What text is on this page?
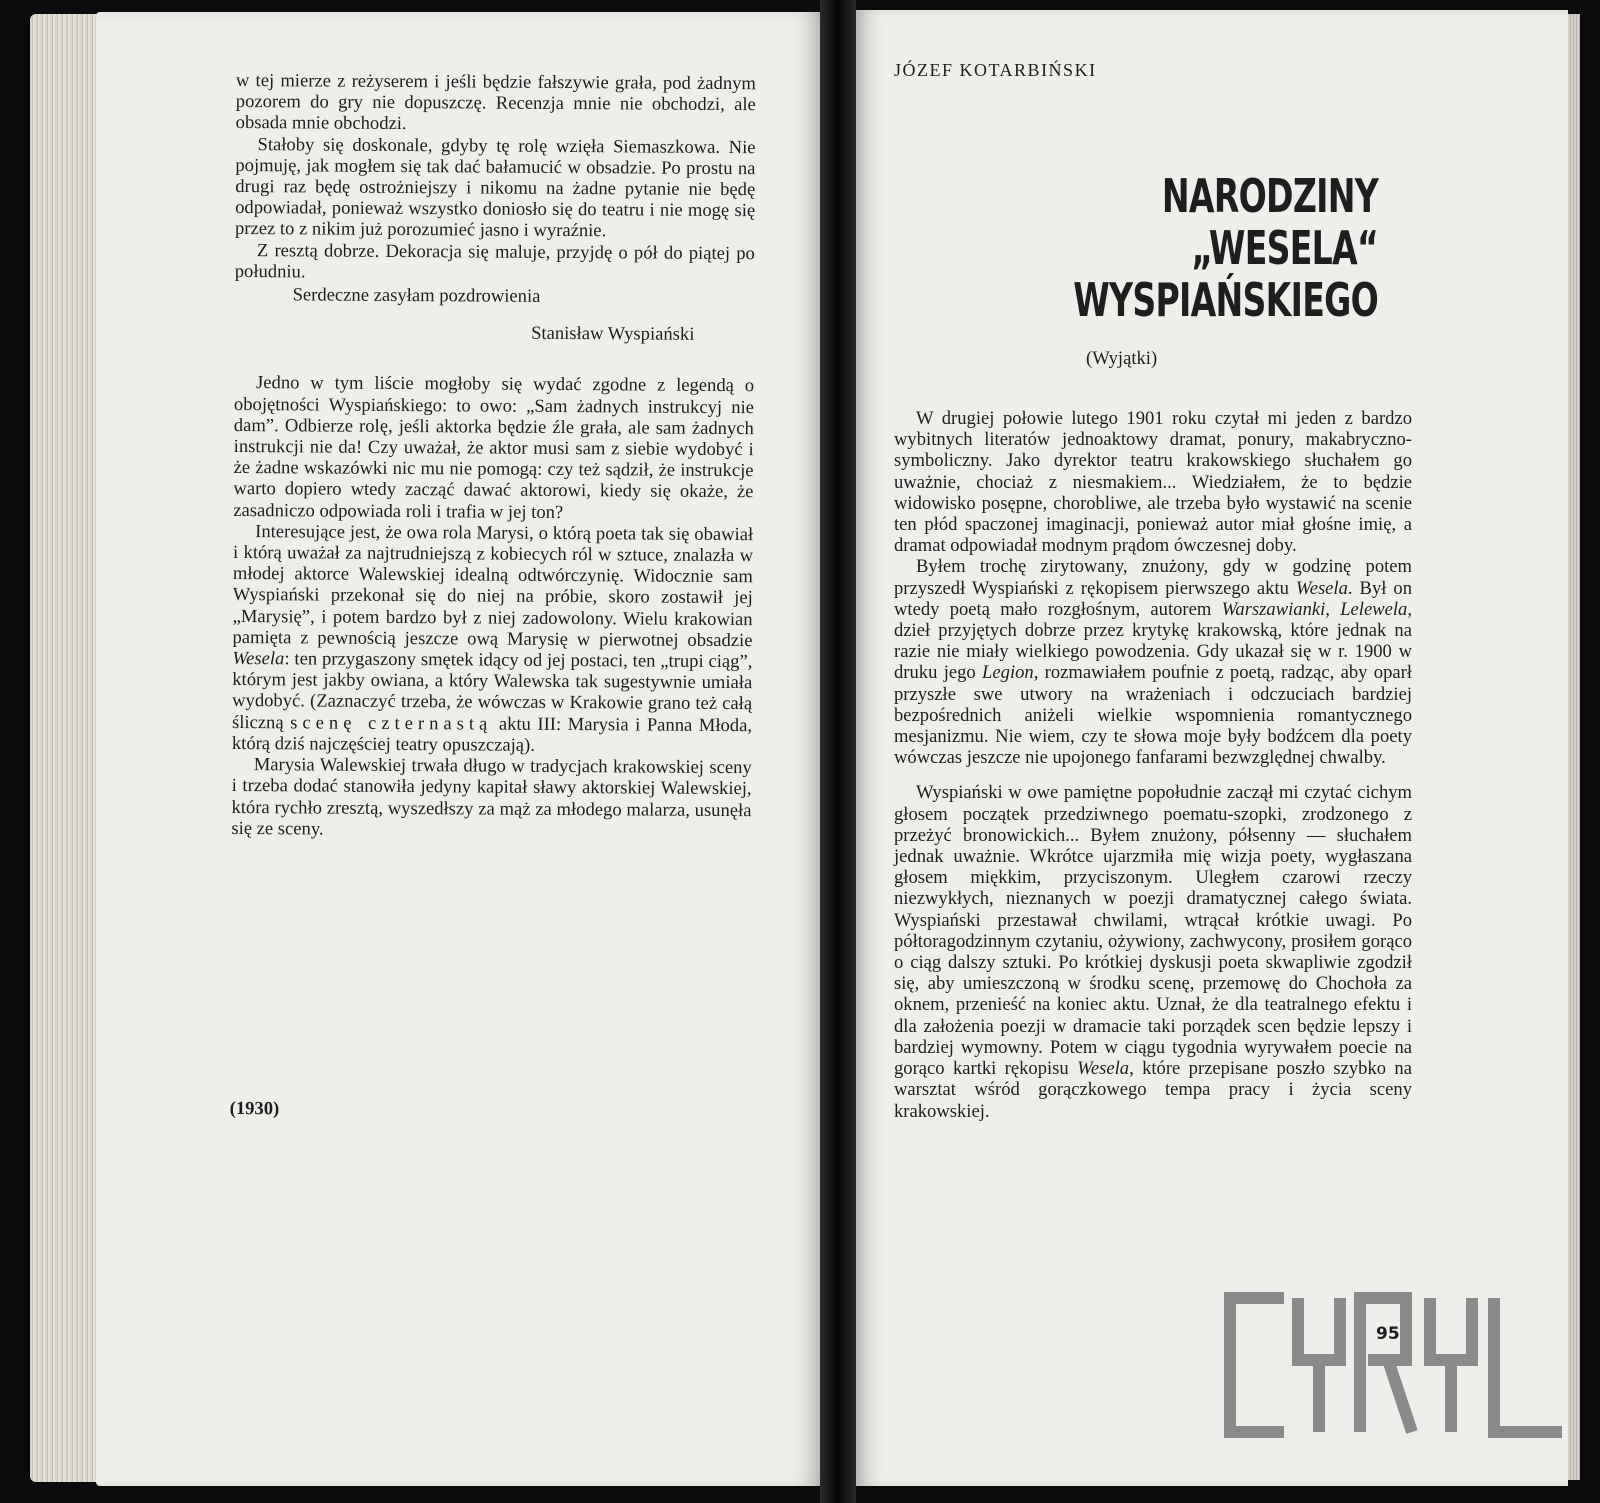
w tej mierze z reżyserem i jeśli będzie fałszywie grała, pod żadnym pozorem do gry nie dopuszczę. Recenzja mnie nie obchodzi, ale obsada mnie obchodzi.

Stałoby się doskonale, gdyby tę rolę wzięła Siemaszkowa. Nie pojmuję, jak mogłem się tak dać bałamucić w obsadzie. Po prostu na drugi raz będę ostrożniejszy i nikomu na żadne pytanie nie będę odpowiadał, ponieważ wszystko doniosło się do teatru i nie mogę się przez to z nikim już porozumieć jasno i wyraźnie.

Z resztą dobrze. Dekoracja się maluje, przyjdę o pół do piątej po południu.

Serdeczne zasyłam pozdrowienia

Stanisław Wyspiański

Jedno w tym liście mogłoby się wydać zgodne z legendą o obojętności Wyspiańskiego: to owo: „Sam żadnych instrukcyj nie dam”. Odbierze rolę, jeśli aktorka będzie źle grała, ale sam żadnych instrukcji nie da! Czy uważał, że aktor musi sam z siebie wydobyć i że żadne wskazówki nic mu nie pomogą: czy też sądził, że instrukcje warto dopiero wtedy zacząć dawać aktorowi, kiedy się okaże, że zasadniczo odpowiada roli i trafia w jej ton?

Interesujące jest, że owa rola Marysi, o którą poeta tak się obawiał i którą uważał za najtrudniejszą z kobiecych ról w sztuce, znalazła w młodej aktorce Walewskiej idealną odtwórczynię. Widocznie sam Wyspiański przekonał się do niej na próbie, skoro zostawił jej „Marysię”, i potem bardzo był z niej zadowolony. Wielu krakowian pamięta z pewnością jeszcze ową Marysię w pierwotnej obsadzie Wesela: ten przygaszony smętek idący od jej postaci, ten „trupi ciąg”, którym jest jakby owiana, a który Walewska tak sugestywnie umiała wydobyć. (Zaznaczyć trzeba, że wówczas w Krakowie grano też całą śliczną scenę czternastą aktu III: Marysia i Panna Młoda, którą dziś najczęściej teatry opuszczają).

Marysia Walewskiej trwała długo w tradycjach krakowskiej sceny i trzeba dodać stanowiła jedyny kapitał sławy aktorskiej Walewskiej, która rychło zresztą, wyszedłszy za mąż za młodego malarza, usunęła się ze sceny.

(1930)

JÓZEF KOTARBIŃSKI
NARODZINY „WESELA“
WYSPIAŃSKIEGO
(Wyjątki)

W drugiej połowie lutego 1901 roku czytał mi jeden z bardzo wybitnych literatów jednoaktowy dramat, ponury, makabryczno-symboliczny. Jako dyrektor teatru krakowskiego słuchałem go uważnie, chociaż z niesmakiem... Wiedziałem, że to będzie widowisko posępne, chorobliwe, ale trzeba było wystawić na scenie ten płód spaczonej imaginacji, ponieważ autor miał głośne imię, a dramat odpowiadał modnym prądom ówczesnej doby.

Byłem trochę zirytowany, znużony, gdy w godzinę potem przyszedł Wyspiański z rękopisem pierwszego aktu Wesela. Był on wtedy poetą mało rozgłośnym, autorem Warszawianki, Lelewela, dzieł przyjętych dobrze przez krytykę krakowską, które jednak na razie nie miały wielkiego powodzenia. Gdy ukazał się w r. 1900 w druku jego Legion, rozmawiałem poufnie z poetą, radząc, aby oparł przyszłe swe utwory na wrażeniach i odczuciach bardziej bezpośrednich aniżeli wielkie wspomnienia romantycznego mesjanizmu. Nie wiem, czy te słowa moje były bodźcem dla poety wówczas jeszcze nie upojonego fanfarami bezwzględnej chwalby.

Wyspiański w owe pamiętne popołudnie zaczął mi czytać cichym głosem początek przedziwnego poematu-szopki, zrodzonego z przeżyć bronowickich... Byłem znużony, półsenny — słuchałem jednak uważnie. Wkrótce ujarzmiła mię wizja poety, wygłaszana głosem miękkim, przyciszonym. Uległem czarowi rzeczy niezwykłych, nieznanych w poezji dramatycznej całego świata. Wyspiański przestawał chwilami, wtrącał krótkie uwagi. Po półtoragodzinnym czytaniu, ożywiony, zachwycony, prosiłem gorąco o ciąg dalszy sztuki. Po krótkiej dyskusji poeta skwapliwie zgodził się, aby umieszczoną w środku scenę, przemowę do Chochoła za oknem, przenieść na koniec aktu. Uznał, że dla teatralnego efektu i dla założenia poezji w dramacie taki porządek scen będzie lepszy i bardziej wymowny. Potem w ciągu tygodnia wyrywałem poecie na gorąco kartki rękopisu Wesela, które przepisane poszło szybko na warsztat wśród gorączkowego tempa pracy i życia sceny krakowskiej.

95
